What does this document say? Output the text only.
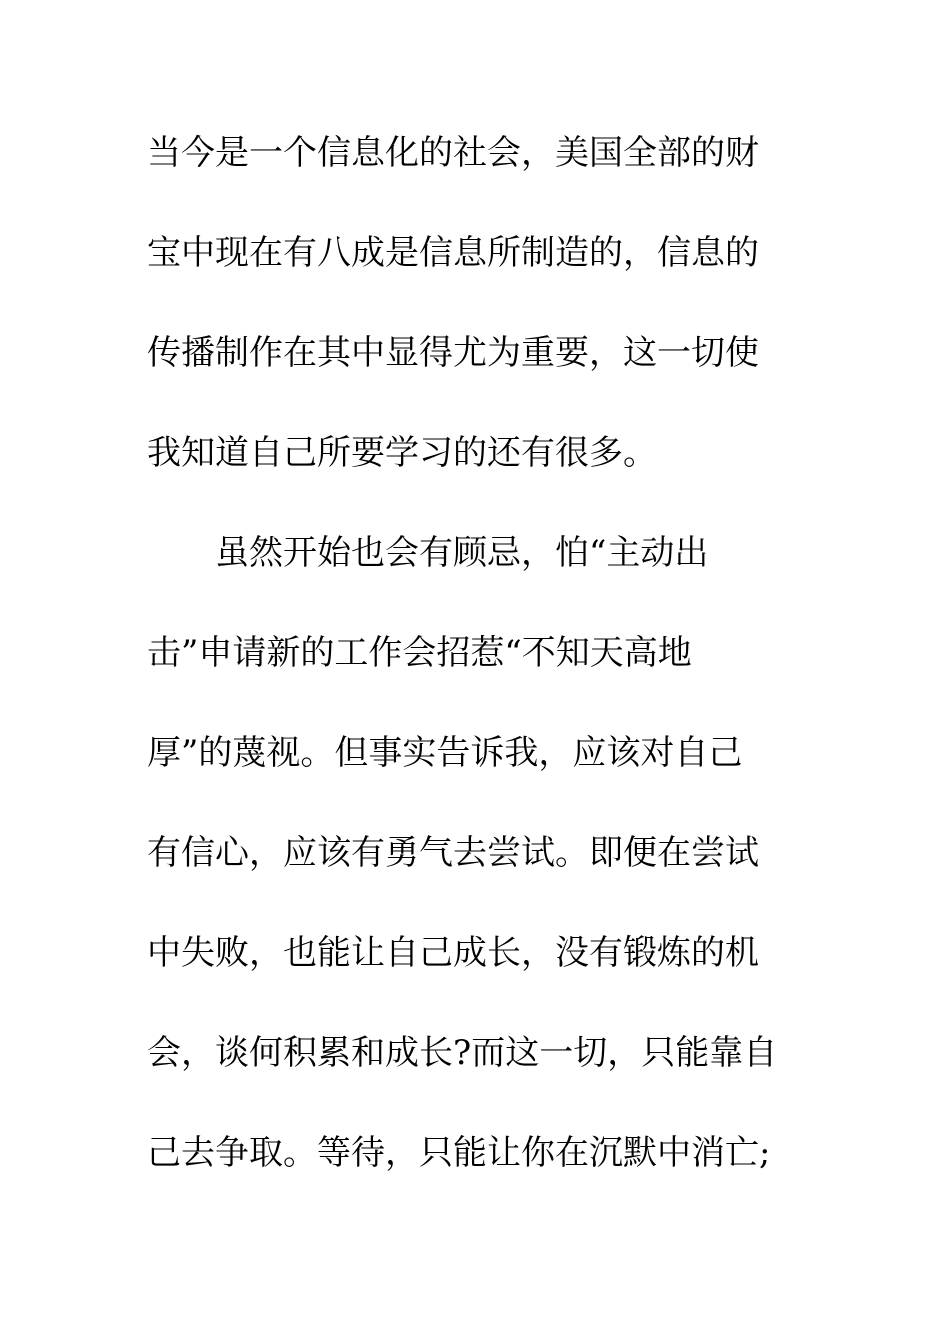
当今是一个信息化的社会，美国全部的财
宝中现在有八成是信息所制造的，信息的
传播制作在其中显得尤为重要，这一切使
我知道自己所要学习的还有很多。
虽然开始也会有顾忌，怕“主动出
击”申请新的工作会招惹“不知天高地
厚”的蔑视。但事实告诉我，应该对自己
有信心，应该有勇气去尝试。即便在尝试
中失败，也能让自己成长，没有锻炼的机
会，谈何积累和成长?而这一切，只能靠自
己去争取。等待，只能让你在沉默中消亡;
